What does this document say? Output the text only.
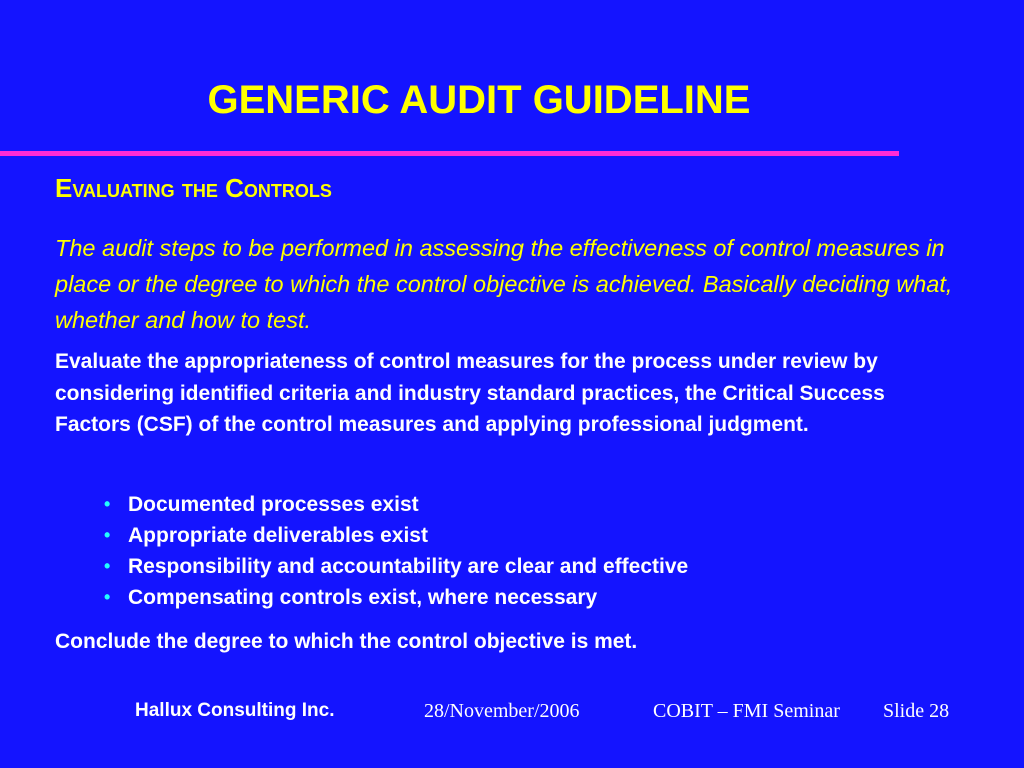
GENERIC AUDIT GUIDELINE
Evaluating the Controls
The audit steps to be performed in assessing the effectiveness of control measures in place or the degree to which the control objective is achieved. Basically deciding what, whether and how to test.
Evaluate the appropriateness of control measures for the process under review by considering identified criteria and industry standard practices, the Critical Success Factors (CSF) of the control measures and applying professional judgment.
• Documented processes exist
• Appropriate deliverables exist
• Responsibility and accountability are clear and effective
• Compensating controls exist, where necessary
Conclude the degree to which the control objective is met.
Hallux Consulting Inc.	28/November/2006	COBIT – FMI Seminar Slide 28
